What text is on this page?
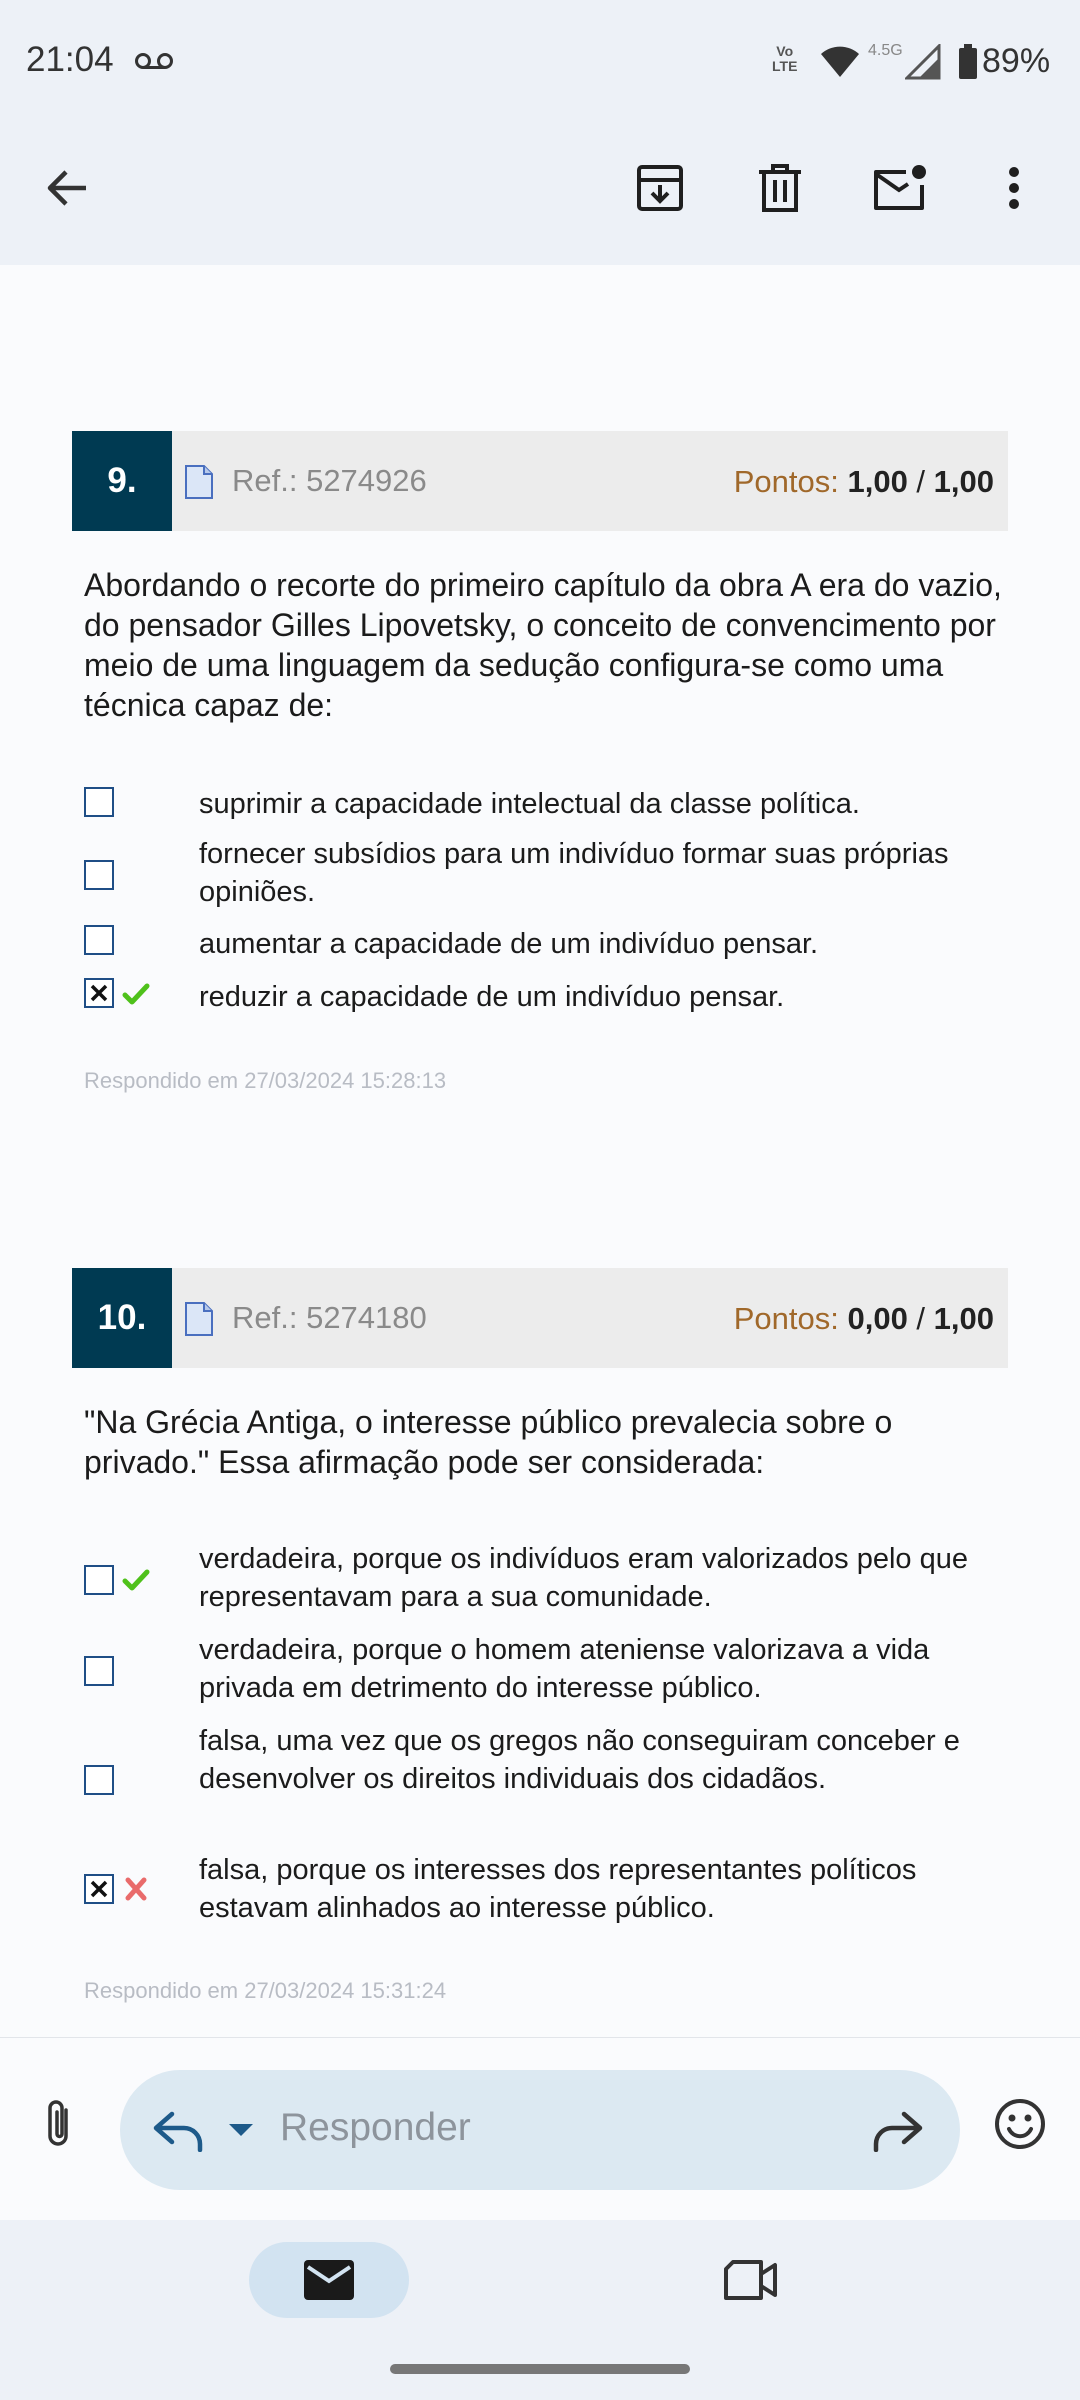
21:04	Vo
LTE
4.5G 89%
9.	Ref.: 5274926	Pontos: 1,00 / 1,00
Abordando o recorte do primeiro capítulo da obra A era do vazio, do pensador Gilles Lipovetsky, o conceito de convencimento por meio de uma linguagem da sedução configura-se como uma técnica capaz de:
suprimir a capacidade intelectual da classe política.
fornecer subsídios para um indivíduo formar suas próprias opiniões.
aumentar a capacidade de um indivíduo pensar.
reduzir a capacidade de um indivíduo pensar.
Respondido em 27/03/2024 15:28:13
10.	Ref.: 5274180	Pontos: 0,00 / 1,00
"Na Grécia Antiga, o interesse público prevalecia sobre o privado." Essa afirmação pode ser considerada:
verdadeira, porque os indivíduos eram valorizados pelo que representavam para a sua comunidade.
verdadeira, porque o homem ateniense valorizava a vida privada em detrimento do interesse público.
falsa, uma vez que os gregos não conseguiram conceber e desenvolver os direitos individuais dos cidadãos.
falsa, porque os interesses dos representantes políticos estavam alinhados ao interesse público.
Respondido em 27/03/2024 15:31:24
Responder
